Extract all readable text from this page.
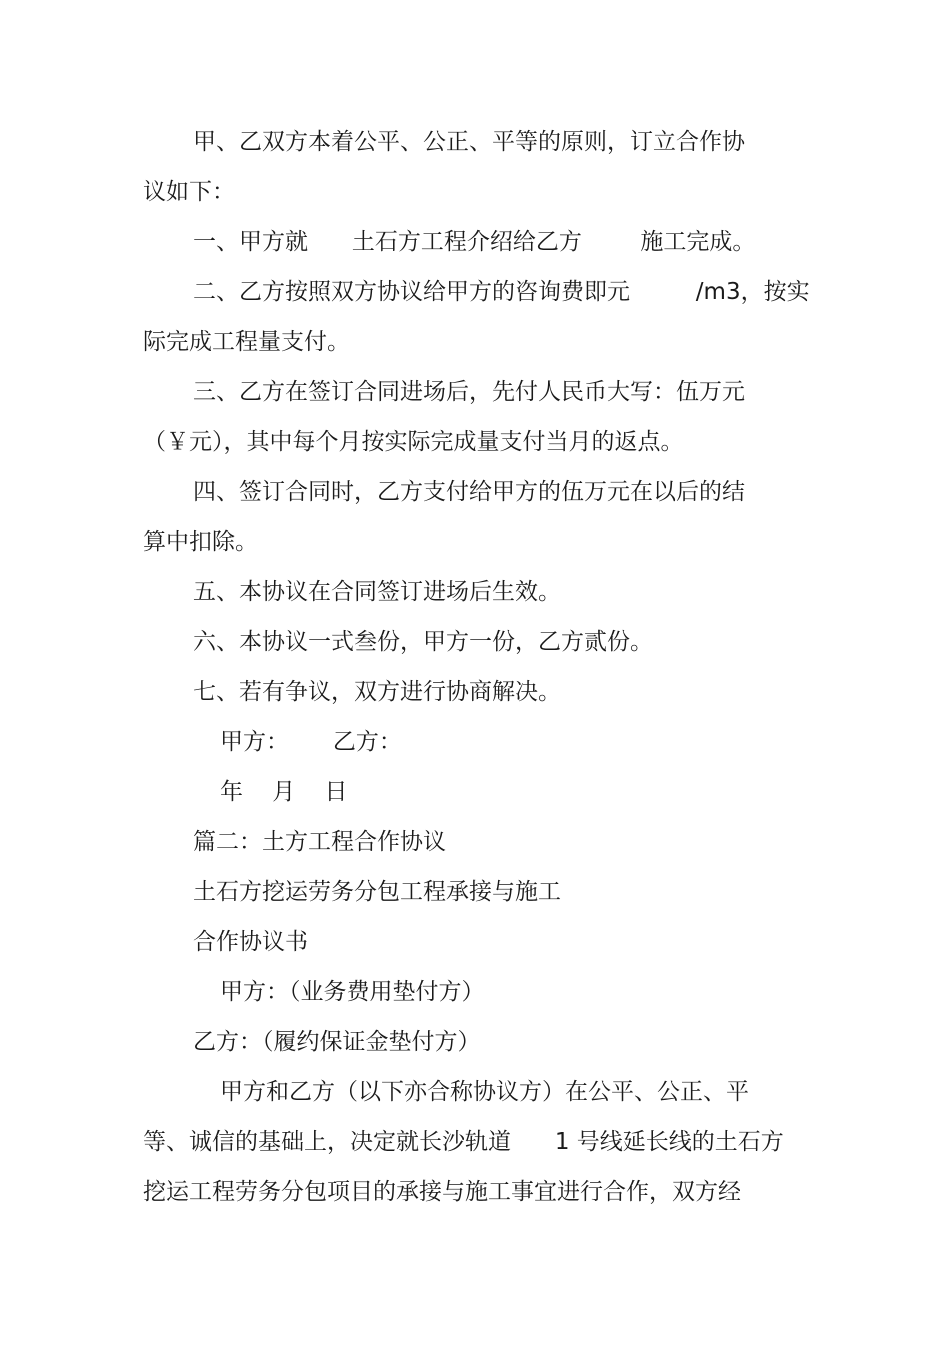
甲、乙双方本着公平、公正、平等的原则，订立合作协
议如下：
一、甲方就      土石方工程介绍给乙方        施工完成。
二、乙方按照双方协议给甲方的咨询费即元         /m3，按实
际完成工程量支付。
三、乙方在签订合同进场后，先付人民币大写：伍万元
（￥元），其中每个月按实际完成量支付当月的返点。
四、签订合同时，乙方支付给甲方的伍万元在以后的结
算中扣除。
五、本协议在合同签订进场后生效。
六、本协议一式叁份，甲方一份，乙方贰份。
七、若有争议，双方进行协商解决。
甲方：      乙方：
年    月    日
篇二：土方工程合作协议
土石方挖运劳务分包工程承接与施工
合作协议书
甲方：（业务费用垫付方）
乙方：（履约保证金垫付方）
甲方和乙方（以下亦合称协议方）在公平、公正、平
等、诚信的基础上，决定就长沙轨道      1 号线延长线的土石方
挖运工程劳务分包项目的承接与施工事宜进行合作，双方经
